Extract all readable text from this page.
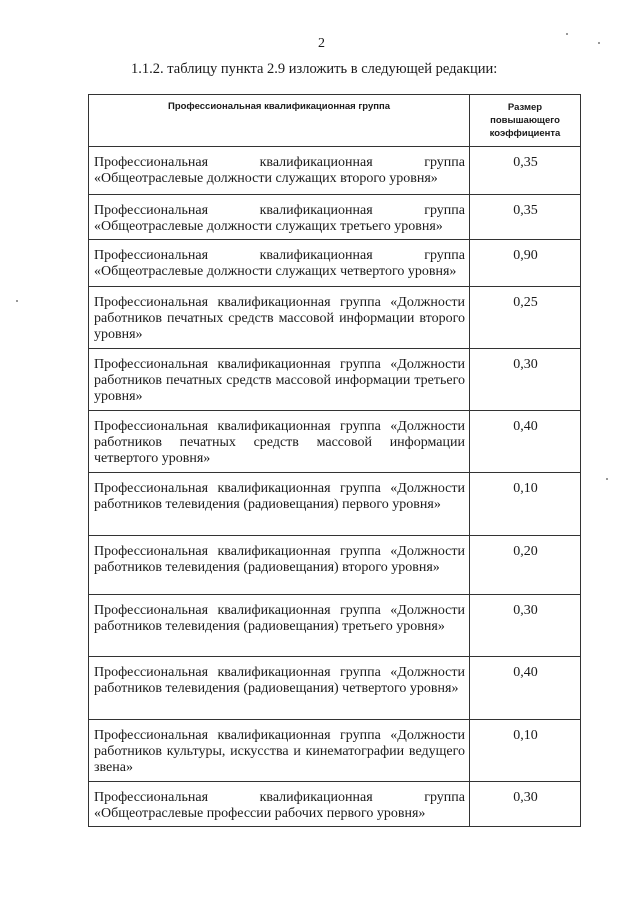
2
1.1.2. таблицу пункта 2.9 изложить в следующей редакции:
Профессиональная квалификационная группа	Размер повышающего коэффициента
Профессиональная квалификационная группа «Общеотраслевые должности служащих второго уровня»	0,35
Профессиональная квалификационная группа «Общеотраслевые должности служащих третьего уровня»	0,35
Профессиональная квалификационная группа «Общеотраслевые должности служащих четвертого уровня»	0,90
Профессиональная квалификационная группа «Должности работников печатных средств массовой информации второго уровня»	0,25
Профессиональная квалификационная группа «Должности работников печатных средств массовой информации третьего уровня»	0,30
Профессиональная квалификационная группа «Должности работников печатных средств массовой информации четвертого уровня»	0,40
Профессиональная квалификационная группа «Должности работников телевидения (радиовещания) первого уровня»	0,10
Профессиональная квалификационная группа «Должности работников телевидения (радиовещания) второго уровня»	0,20
Профессиональная квалификационная группа «Должности работников телевидения (радиовещания) третьего уровня»	0,30
Профессиональная квалификационная группа «Должности работников телевидения (радиовещания) четвертого уровня»	0,40
Профессиональная квалификационная группа «Должности работников культуры, искусства и кинематографии ведущего звена»	0,10
Профессиональная квалификационная группа «Общеотраслевые профессии рабочих первого уровня»	0,30
